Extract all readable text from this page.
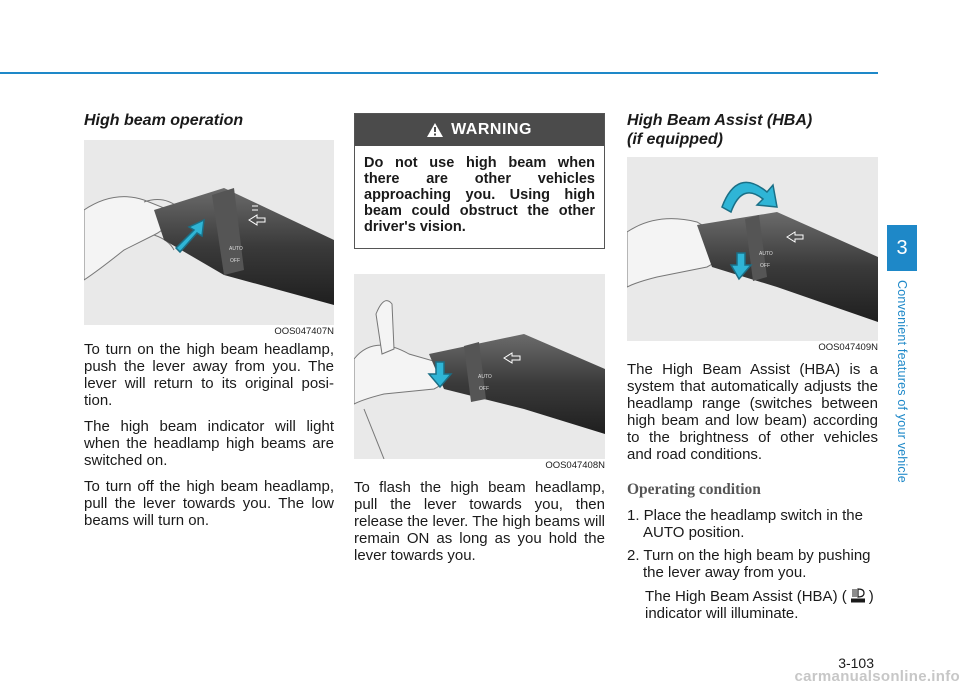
High beam operation
AUTO
OFF
OOS047407N

To turn on the high beam headlamp, push the lever away from you. The lever will return to its original posi-tion.

The high beam indicator will light when the headlamp high beams are switched on.

To turn off the high beam headlamp, pull the lever towards you. The low beams will turn on.

WARNING
Do not use high beam when there are other vehicles approaching you. Using high beam could obstruct the other driver's vision.
AUTO
OFF
OOS047408N

To flash the high beam headlamp, pull the lever towards you, then release the lever. The high beams will remain ON as long as you hold the lever towards you.

High Beam Assist (HBA)
(if equipped)
AUTO
OFF
OOS047409N

The High Beam Assist (HBA) is a system that automatically adjusts the headlamp range (switches between high beam and low beam) according to the brightness of other vehicles and road conditions.

Operating condition
1. Place the headlamp switch in the AUTO position.
2. Turn on the high beam by pushing the lever away from you.
The High Beam Assist (HBA) ( )
indicator will illuminate.
3
Convenient features of your vehicle
3-103
carmanualsonline.info
